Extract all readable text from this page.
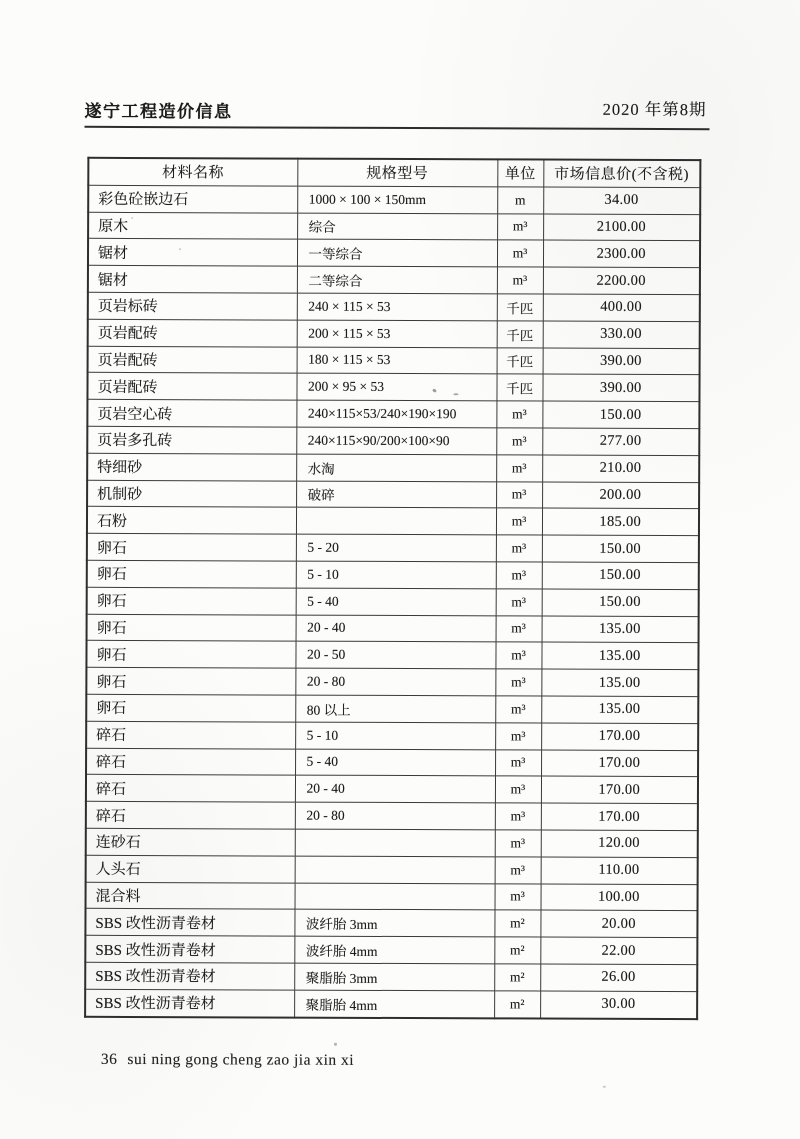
遂宁工程造价信息	2020 年第8期
材料名称	规格型号	单位	市场信息价(不含税)
彩色砼嵌边石	1000 × 100 × 150mm	m	34.00
原木	综合	m³	2100.00
锯材	一等综合	m³	2300.00
锯材	二等综合	m³	2200.00
页岩标砖	240 × 115 × 53	千匹	400.00
页岩配砖	200 × 115 × 53	千匹	330.00
页岩配砖	180 × 115 × 53	千匹	390.00
页岩配砖	200 × 95 × 53	千匹	390.00
页岩空心砖	240×115×53/240×190×190	m³	150.00
页岩多孔砖	240×115×90/200×100×90	m³	277.00
特细砂	水淘	m³	210.00
机制砂	破碎	m³	200.00
石粉		m³	185.00
卵石	5 - 20	m³	150.00
卵石	5 - 10	m³	150.00
卵石	5 - 40	m³	150.00
卵石	20 - 40	m³	135.00
卵石	20 - 50	m³	135.00
卵石	20 - 80	m³	135.00
卵石	80 以上	m³	135.00
碎石	5 - 10	m³	170.00
碎石	5 - 40	m³	170.00
碎石	20 - 40	m³	170.00
碎石	20 - 80	m³	170.00
连砂石		m³	120.00
人头石		m³	110.00
混合料		m³	100.00
SBS 改性沥青卷材	波纤胎 3mm	m²	20.00
SBS 改性沥青卷材	波纤胎 4mm	m²	22.00
SBS 改性沥青卷材	聚脂胎 3mm	m²	26.00
SBS 改性沥青卷材	聚脂胎 4mm	m²	30.00
36 sui ning gong cheng zao jia xin xi
